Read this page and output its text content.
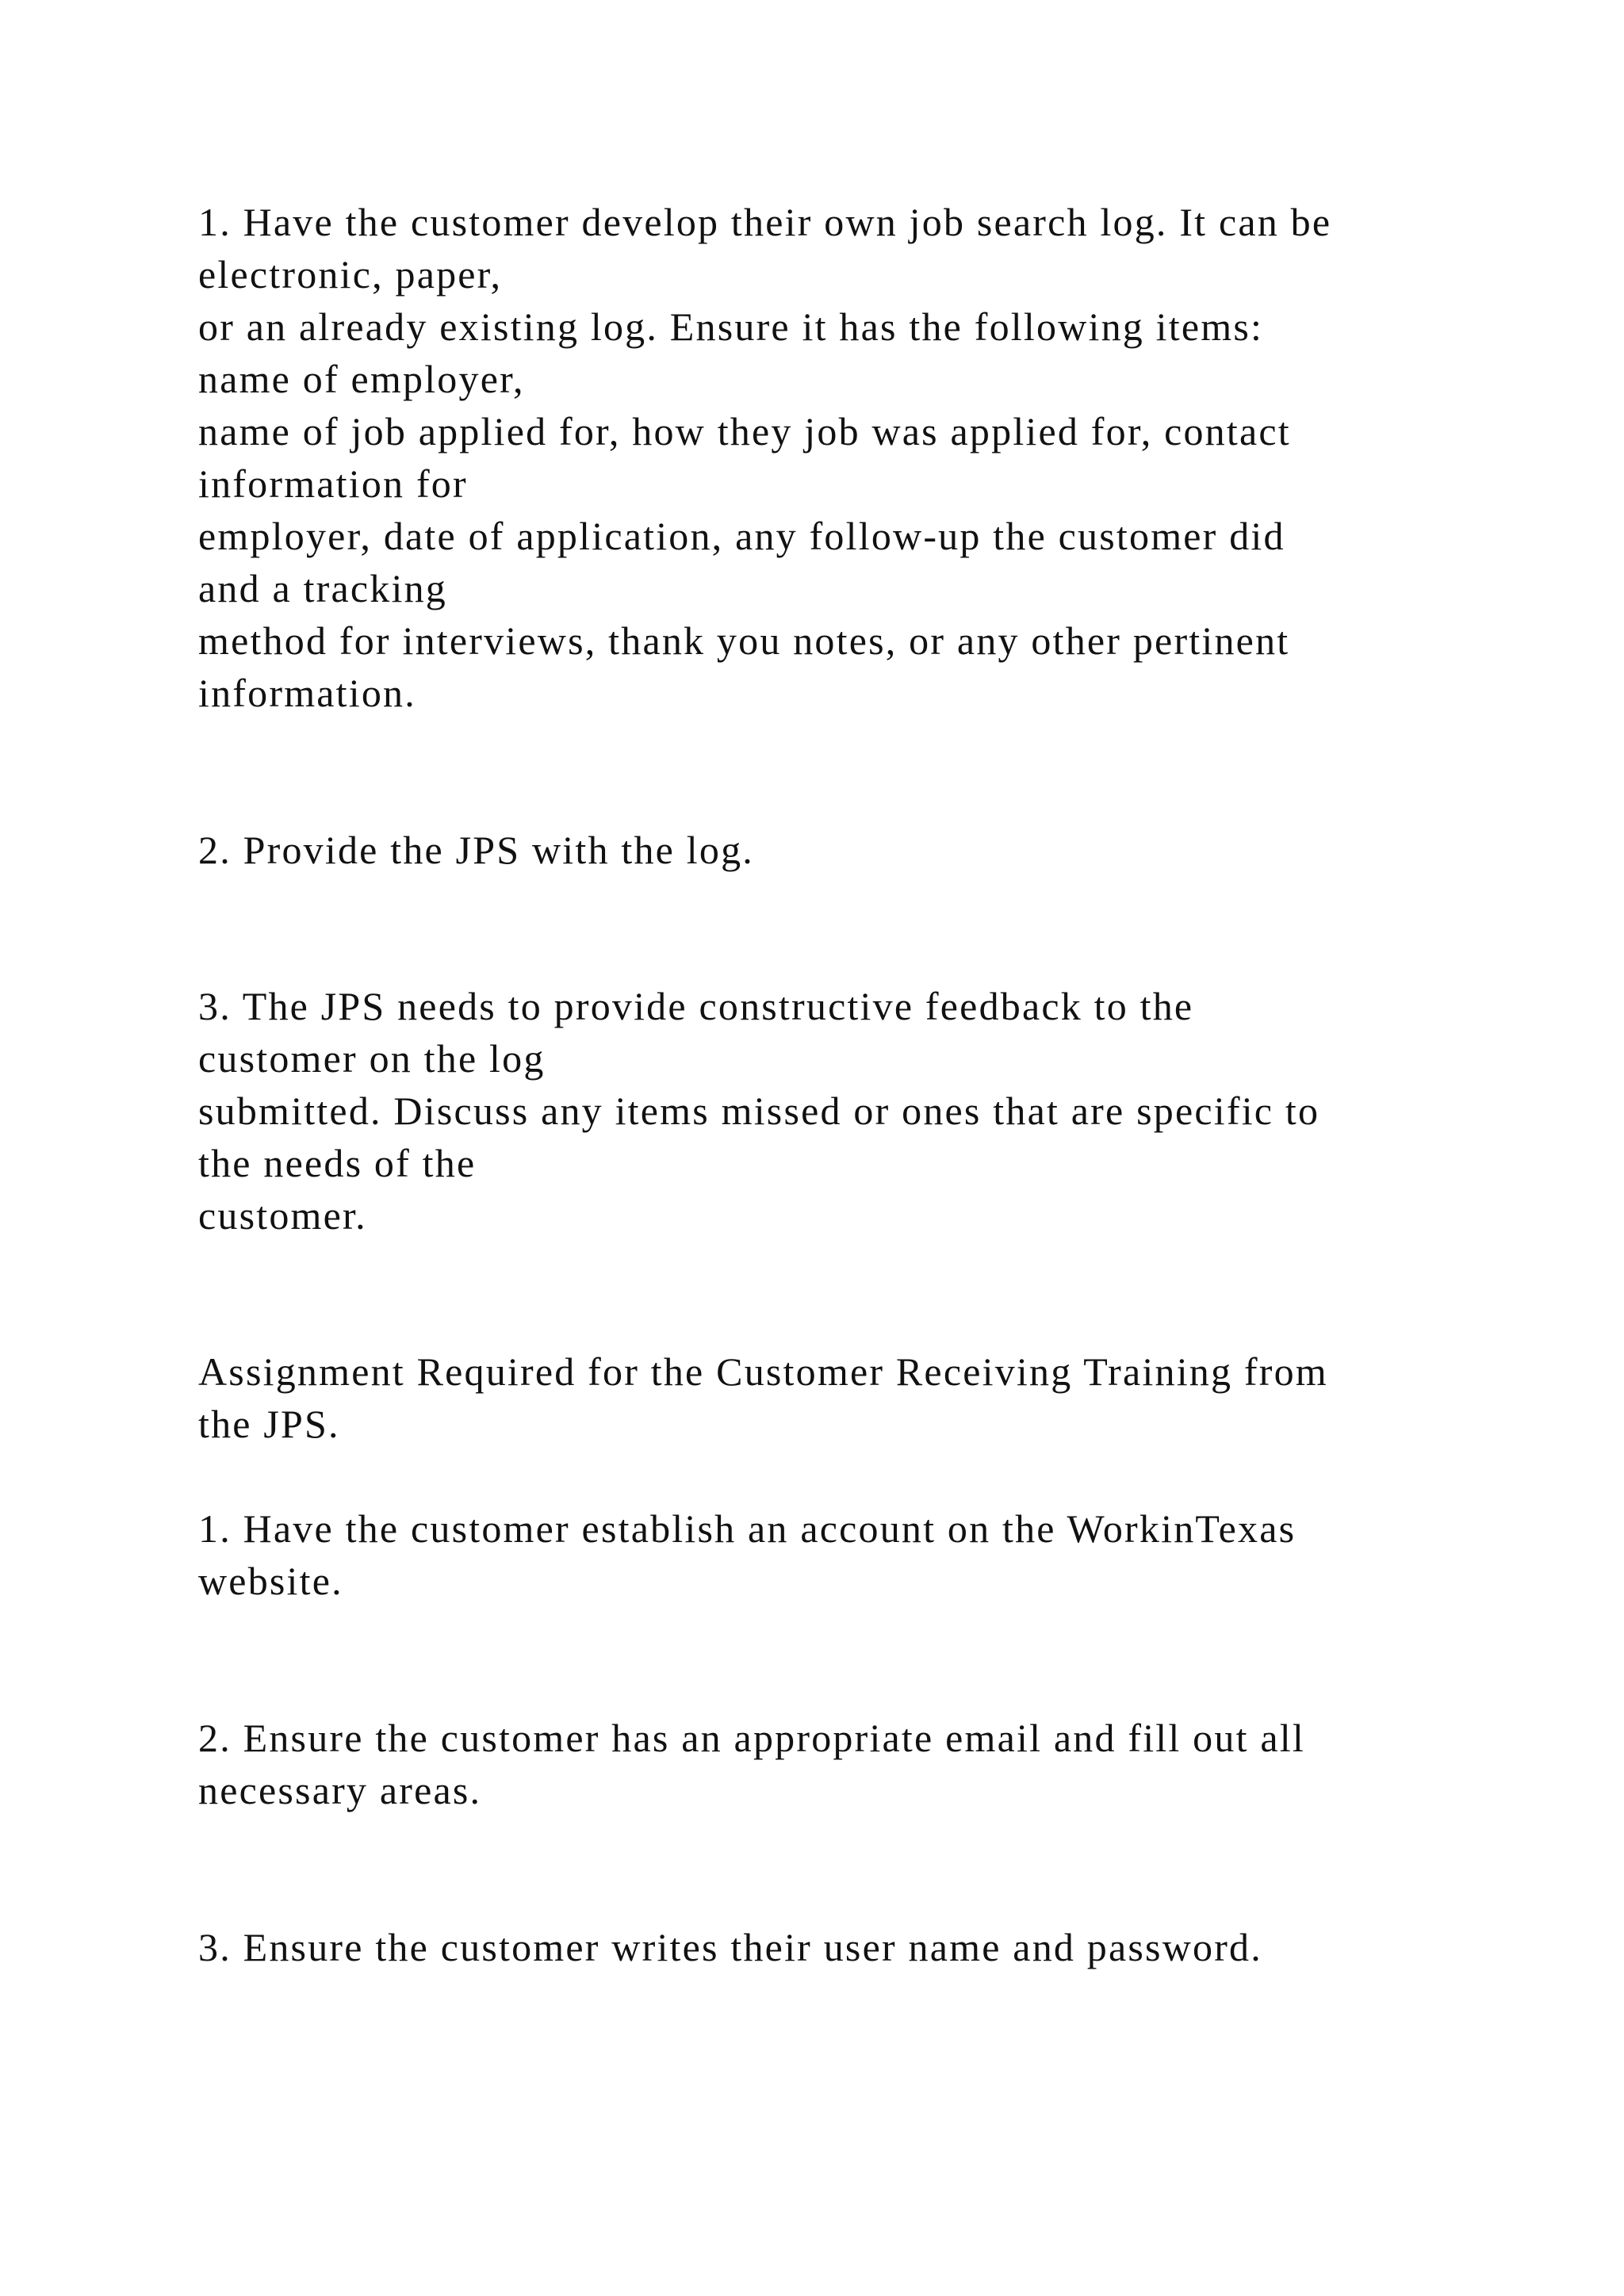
1. Have the customer develop their own job search log. It can be

electronic, paper,

or an already existing log. Ensure it has the following items:

name of employer,

name of job applied for, how they job was applied for, contact

information for

employer, date of application, any follow-up the customer did

and a tracking

method for interviews, thank you notes, or any other pertinent

information.

2. Provide the JPS with the log.

3. The JPS needs to provide constructive feedback to the

customer on the log

submitted. Discuss any items missed or ones that are specific to

the needs of the

customer.

Assignment Required for the Customer Receiving Training from

the JPS.

1. Have the customer establish an account on the WorkinTexas

website.

2. Ensure the customer has an appropriate email and fill out all

necessary areas.

3. Ensure the customer writes their user name and password.
